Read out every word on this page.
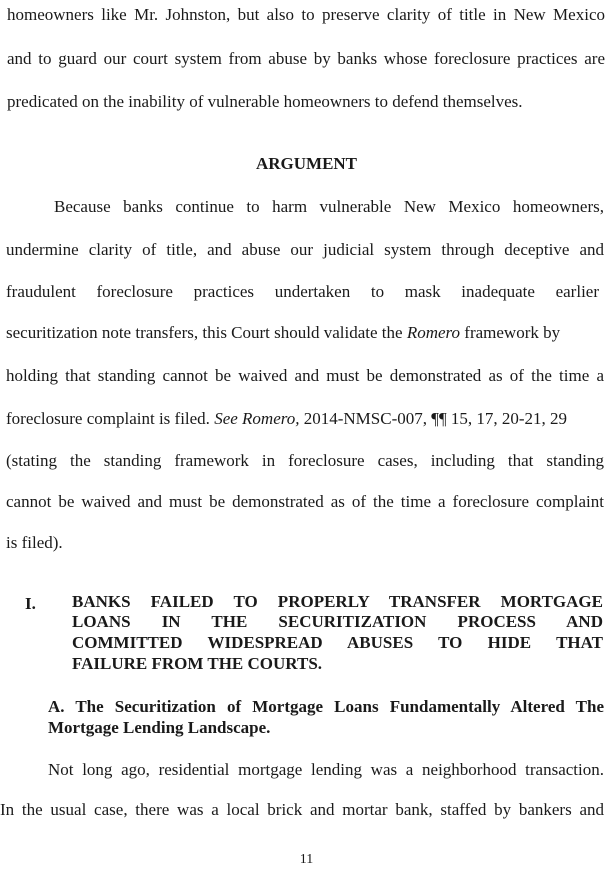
homeowners like Mr. Johnston, but also to preserve clarity of title in New Mexico
and to guard our court system from abuse by banks whose foreclosure practices are
predicated on the inability of vulnerable homeowners to defend themselves.
ARGUMENT
Because banks continue to harm vulnerable New Mexico homeowners,
undermine clarity of title, and abuse our judicial system through deceptive and
fraudulent foreclosure practices undertaken to mask inadequate earlier
securitization note transfers, this Court should validate the Romero framework by
holding that standing cannot be waived and must be demonstrated as of the time a
foreclosure complaint is filed. See Romero, 2014-NMSC-007, ¶¶ 15, 17, 20-21, 29
(stating the standing framework in foreclosure cases, including that standing
cannot be waived and must be demonstrated as of the time a foreclosure complaint
is filed).
I. BANKS FAILED TO PROPERLY TRANSFER MORTGAGE
LOANS IN THE SECURITIZATION PROCESS AND
COMMITTED WIDESPREAD ABUSES TO HIDE THAT
FAILURE FROM THE COURTS.
A. The Securitization of Mortgage Loans Fundamentally Altered The
Mortgage Lending Landscape.
Not long ago, residential mortgage lending was a neighborhood transaction.
In the usual case, there was a local brick and mortar bank, staffed by bankers and
11
